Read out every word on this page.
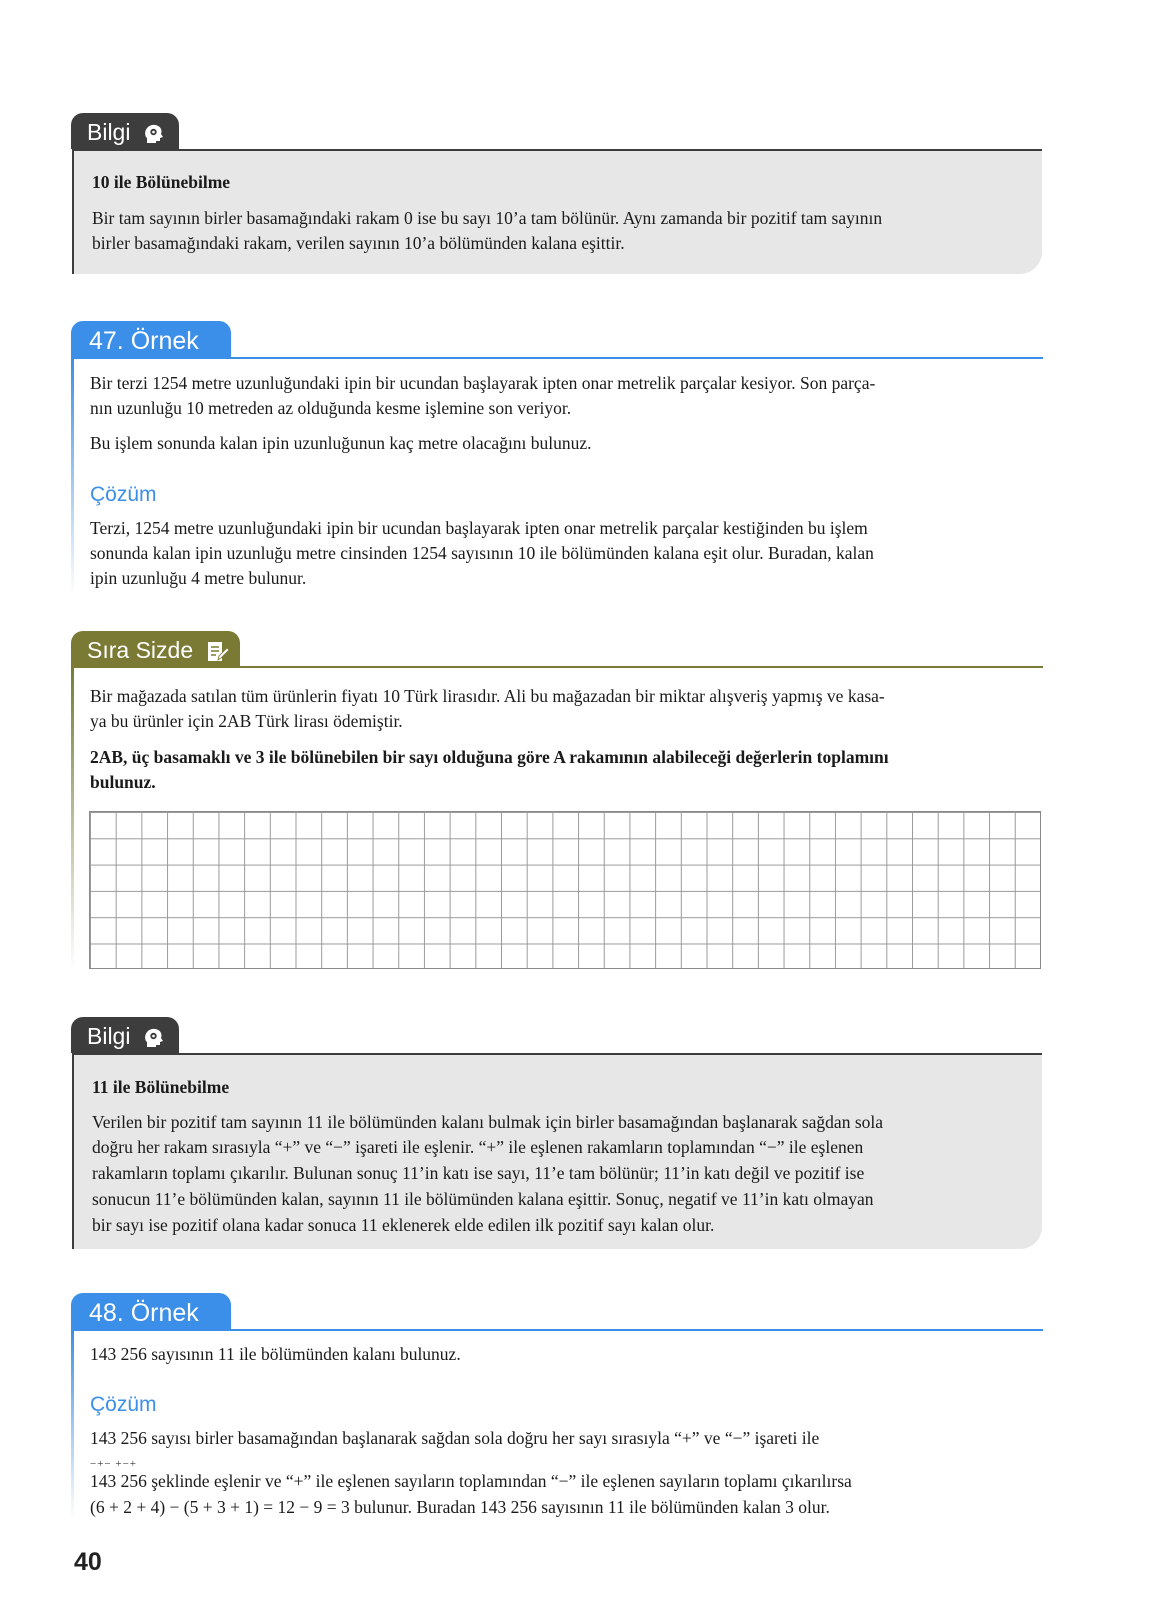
Bilgi

10 ile Bölünebilme

Bir tam sayının birler basamağındaki rakam 0 ise bu sayı 10’a tam bölünür. Aynı zamanda bir pozitif tam sayının

birler basamağındaki rakam, verilen sayının 10’a bölümünden kalana eşittir.

47. Örnek

Bir terzi 1254 metre uzunluğundaki ipin bir ucundan başlayarak ipten onar metrelik parçalar kesiyor. Son parça-

nın uzunluğu 10 metreden az olduğunda kesme işlemine son veriyor.

Bu işlem sonunda kalan ipin uzunluğunun kaç metre olacağını bulunuz.

Çözüm

Terzi, 1254 metre uzunluğundaki ipin bir ucundan başlayarak ipten onar metrelik parçalar kestiğinden bu işlem

sonunda kalan ipin uzunluğu metre cinsinden 1254 sayısının 10 ile bölümünden kalana eşit olur. Buradan, kalan

ipin uzunluğu 4 metre bulunur.

Sıra Sizde

Bir mağazada satılan tüm ürünlerin fiyatı 10 Türk lirasıdır. Ali bu mağazadan bir miktar alışveriş yapmış ve kasa-

ya bu ürünler için 2AB Türk lirası ödemiştir.

2AB, üç basamaklı ve 3 ile bölünebilen bir sayı olduğuna göre A rakamının alabileceği değerlerin toplamını

bulunuz.

Bilgi

11 ile Bölünebilme

Verilen bir pozitif tam sayının 11 ile bölümünden kalanı bulmak için birler basamağından başlanarak sağdan sola

doğru her rakam sırasıyla “+” ve “−” işareti ile eşlenir. “+” ile eşlenen rakamların toplamından “−” ile eşlenen

rakamların toplamı çıkarılır. Bulunan sonuç 11’in katı ise sayı, 11’e tam bölünür; 11’in katı değil ve pozitif ise

sonucun 11’e bölümünden kalan, sayının 11 ile bölümünden kalana eşittir. Sonuç, negatif ve 11’in katı olmayan

bir sayı ise pozitif olana kadar sonuca 11 eklenerek elde edilen ilk pozitif sayı kalan olur.

48. Örnek

143 256 sayısının 11 ile bölümünden kalanı bulunuz.

Çözüm

143 256 sayısı birler basamağından başlanarak sağdan sola doğru her sayı sırasıyla “+” ve “−” işareti ile

−+− +−+

143 256 şeklinde eşlenir ve “+” ile eşlenen sayıların toplamından “−” ile eşlenen sayıların toplamı çıkarılırsa

(6 + 2 + 4) − (5 + 3 + 1) = 12 − 9 = 3 bulunur. Buradan 143 256 sayısının 11 ile bölümünden kalan 3 olur.

40
